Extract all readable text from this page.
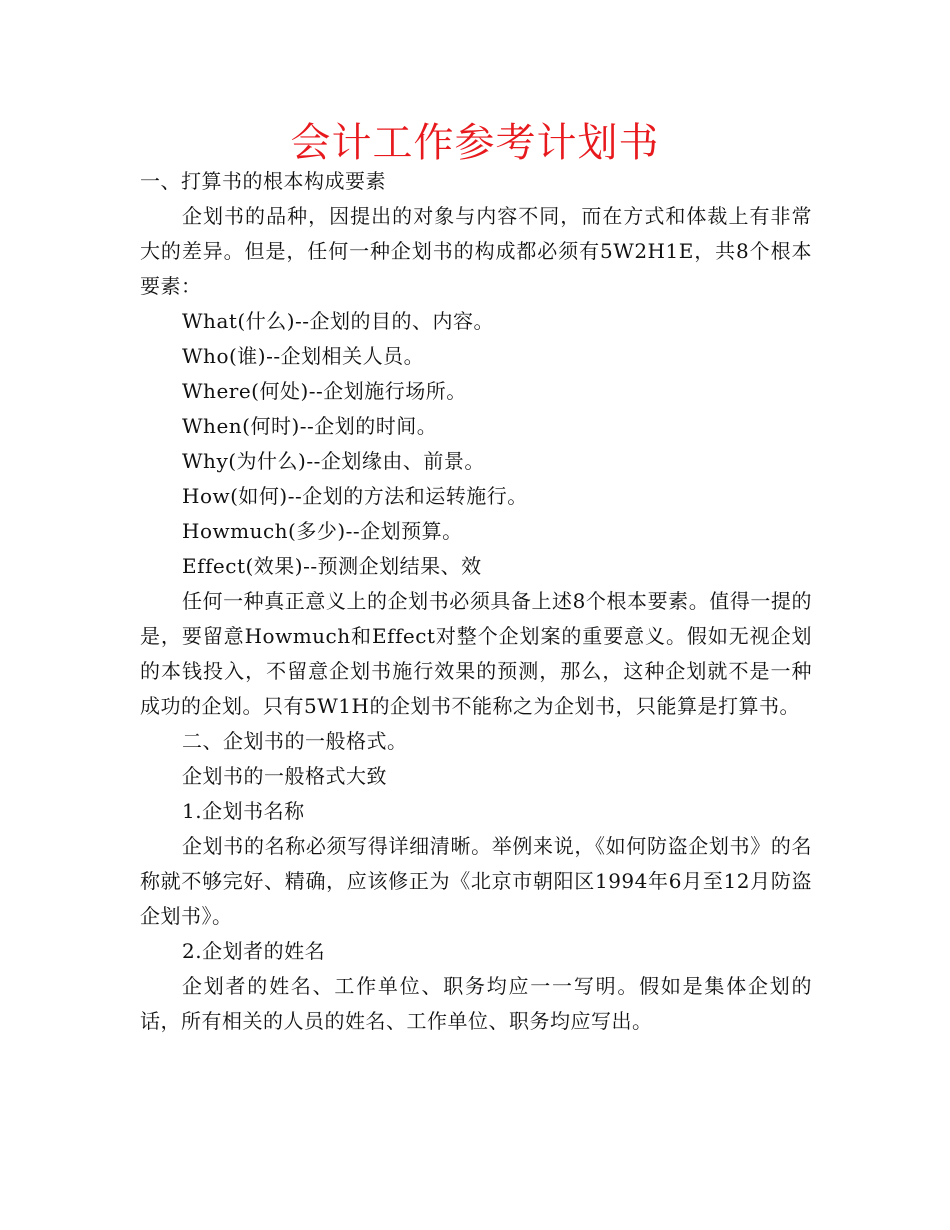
会计工作参考计划书

一、打算书的根本构成要素

企划书的品种，因提出的对象与内容不同，而在方式和体裁上有非常大的差异。但是，任何一种企划书的构成都必须有5W2H1E，共8个根本要素：

What(什么)--企划的目的、内容。

Who(谁)--企划相关人员。

Where(何处)--企划施行场所。

When(何时)--企划的时间。

Why(为什么)--企划缘由、前景。

How(如何)--企划的方法和运转施行。

Howmuch(多少)--企划预算。

Effect(效果)--预测企划结果、效

任何一种真正意义上的企划书必须具备上述8个根本要素。值得一提的是，要留意Howmuch和Effect对整个企划案的重要意义。假如无视企划的本钱投入，不留意企划书施行效果的预测，那么，这种企划就不是一种成功的企划。只有5W1H的企划书不能称之为企划书，只能算是打算书。

二、企划书的一般格式。

企划书的一般格式大致

1.企划书名称

企划书的名称必须写得详细清晰。举例来说，《如何防盗企划书》的名称就不够完好、精确，应该修正为《北京市朝阳区1994年6月至12月防盗企划书》。

2.企划者的姓名

企划者的姓名、工作单位、职务均应一一写明。假如是集体企划的话，所有相关的人员的姓名、工作单位、职务均应写出。
